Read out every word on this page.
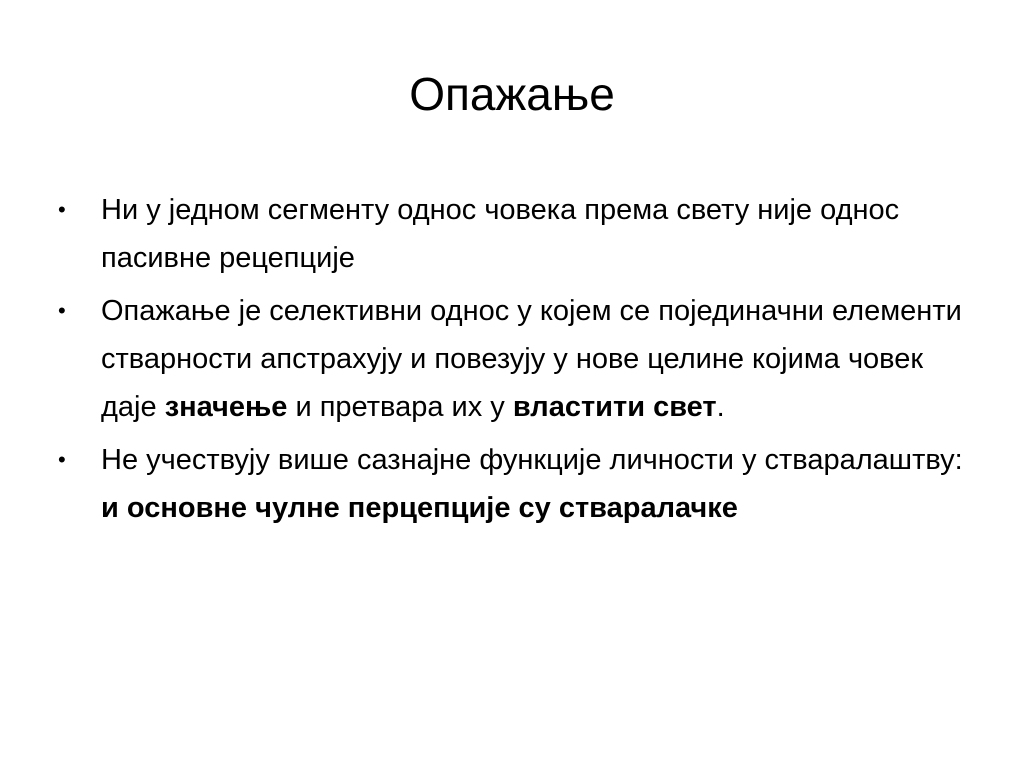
Опажање
•	Ни у једном сегменту однос човека према свету није однос пасивне рецепције
•	Опажање је селективни однос у којем се појединачни елементи стварности апстрахују и повезују у нове целине којима човек даје значење и претвара их у властити свет.
•	Не учествују више сазнајне функције личности у стваралаштву: и основне чулне перцепције су стваралачке
